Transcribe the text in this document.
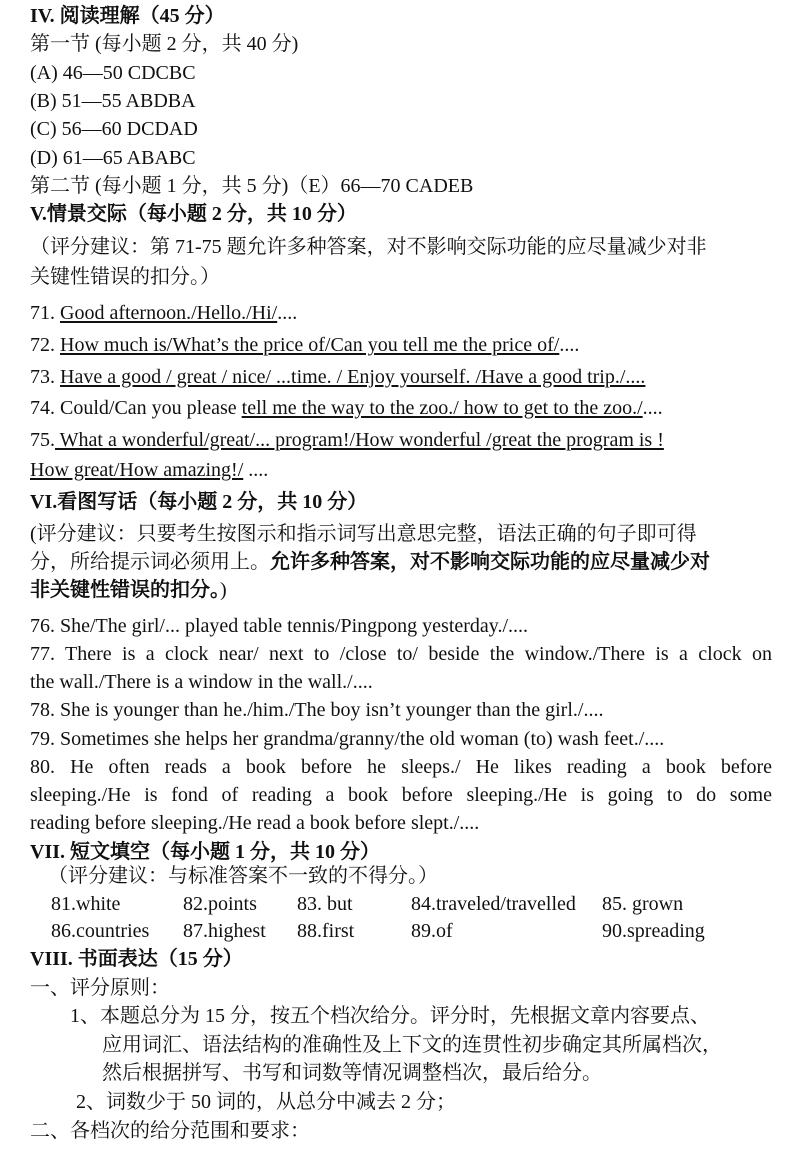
IV. 阅读理解（45 分）
第一节 (每小题 2 分，共 40 分)
(A) 46—50 CDCBC
(B) 51—55 ABDBA
(C) 56—60 DCDAD
(D) 61—65 ABABC
第二节 (每小题 1 分，共 5 分)（E）66—70 CADEB
V.情景交际（每小题 2 分，共 10 分）
（评分建议：第 71-75 题允许多种答案，对不影响交际功能的应尽量减少对非
关键性错误的扣分。）
71. Good afternoon./Hello./Hi/....
72. How much is/What’s the price of/Can you tell me the price of/....
73. Have a good / great / nice/ ...time. / Enjoy yourself. /Have a good trip./....
74. Could/Can you please tell me the way to the zoo./ how to get to the zoo./....
75. What a wonderful/great/... program!/How wonderful /great the program is !
How great/How amazing!/ ....
VI.看图写话（每小题 2 分，共 10 分）
(评分建议：只要考生按图示和指示词写出意思完整，语法正确的句子即可得
分，所给提示词必须用上。允许多种答案，对不影响交际功能的应尽量减少对
非关键性错误的扣分。)
76. She/The girl/... played table tennis/Pingpong yesterday./....
77. There is a clock near/ next to /close to/ beside the window./There is a clock on
the wall./There is a window in the wall./....
78. She is younger than he./him./The boy isn’t younger than the girl./....
79. Sometimes she helps her grandma/granny/the old woman (to) wash feet./....
80. He often reads a book before he sleeps./ He likes reading a book before
sleeping./He is fond of reading a book before sleeping./He is going to do some
reading before sleeping./He read a book before slept./....
VII. 短文填空（每小题 1 分，共 10 分）
（评分建议：与标准答案不一致的不得分。）
81.white	82.points 83. but	84.traveled/travelled 85. grown
86.countries 87.highest 88.first	89.of	90.spreading
VIII. 书面表达（15 分）
一、评分原则：
1、本题总分为 15 分，按五个档次给分。评分时，先根据文章内容要点、
应用词汇、语法结构的准确性及上下文的连贯性初步确定其所属档次，
然后根据拼写、书写和词数等情况调整档次，最后给分。
2、词数少于 50 词的，从总分中减去 2 分；
二、各档次的给分范围和要求：
